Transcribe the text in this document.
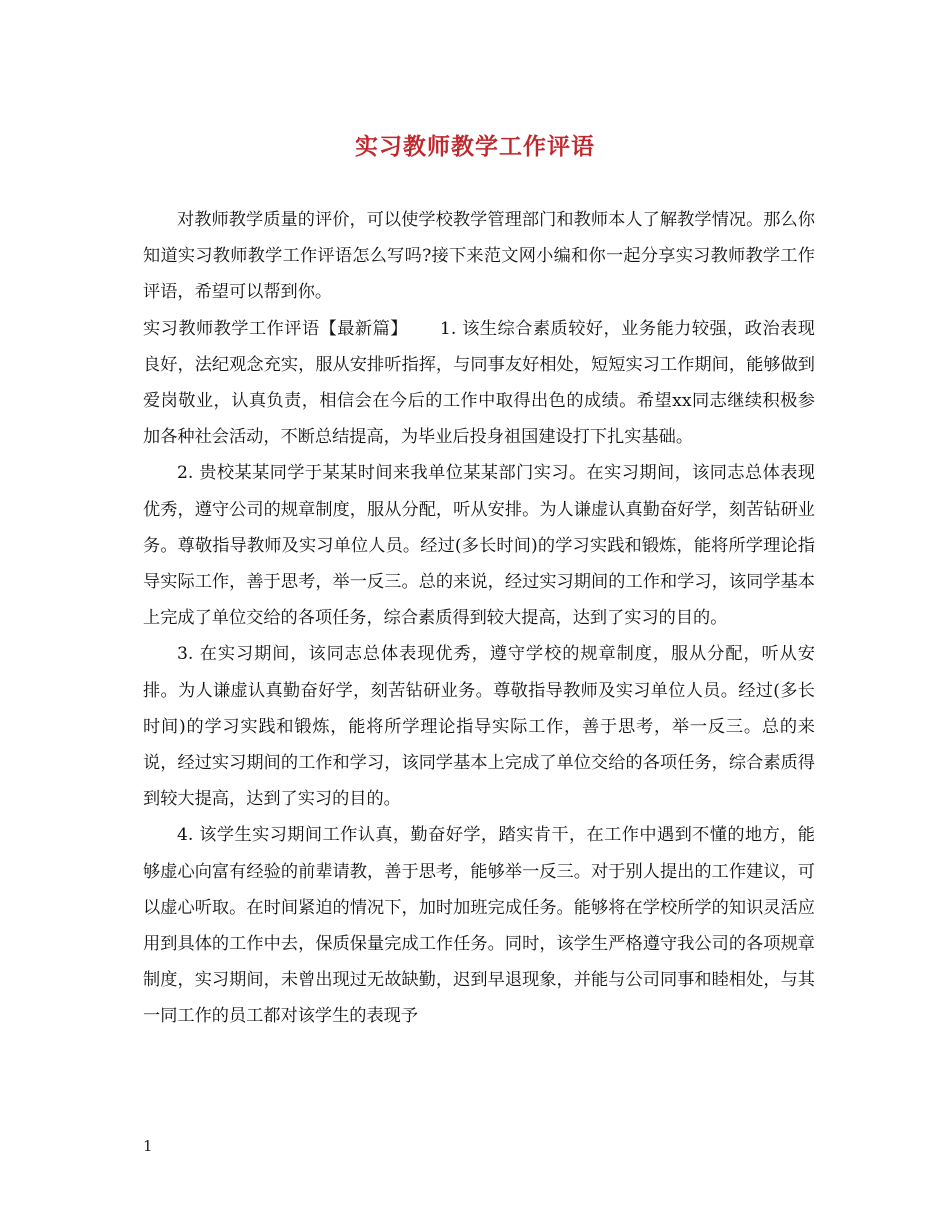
实习教师教学工作评语

对教师教学质量的评价，可以使学校教学管理部门和教师本人了解教学情况。那么你知道实习教师教学工作评语怎么写吗?接下来范文网小编和你一起分享实习教师教学工作评语，希望可以帮到你。

实习教师教学工作评语【最新篇】 1. 该生综合素质较好，业务能力较强，政治表现良好，法纪观念充实，服从安排听指挥，与同事友好相处，短短实习工作期间，能够做到爱岗敬业，认真负责，相信会在今后的工作中取得出色的成绩。希望xx同志继续积极参加各种社会活动，不断总结提高，为毕业后投身祖国建设打下扎实基础。

2. 贵校某某同学于某某时间来我单位某某部门实习。在实习期间，该同志总体表现优秀，遵守公司的规章制度，服从分配，听从安排。为人谦虚认真勤奋好学，刻苦钻研业务。尊敬指导教师及实习单位人员。经过(多长时间)的学习实践和锻炼，能将所学理论指导实际工作，善于思考，举一反三。总的来说，经过实习期间的工作和学习，该同学基本上完成了单位交给的各项任务，综合素质得到较大提高，达到了实习的目的。

3. 在实习期间，该同志总体表现优秀，遵守学校的规章制度，服从分配，听从安排。为人谦虚认真勤奋好学，刻苦钻研业务。尊敬指导教师及实习单位人员。经过(多长时间)的学习实践和锻炼，能将所学理论指导实际工作，善于思考，举一反三。总的来说，经过实习期间的工作和学习，该同学基本上完成了单位交给的各项任务，综合素质得到较大提高，达到了实习的目的。

4. 该学生实习期间工作认真，勤奋好学，踏实肯干，在工作中遇到不懂的地方，能够虚心向富有经验的前辈请教，善于思考，能够举一反三。对于别人提出的工作建议，可以虚心听取。在时间紧迫的情况下，加时加班完成任务。能够将在学校所学的知识灵活应用到具体的工作中去，保质保量完成工作任务。同时，该学生严格遵守我公司的各项规章制度，实习期间，未曾出现过无故缺勤，迟到早退现象，并能与公司同事和睦相处，与其一同工作的员工都对该学生的表现予

1
